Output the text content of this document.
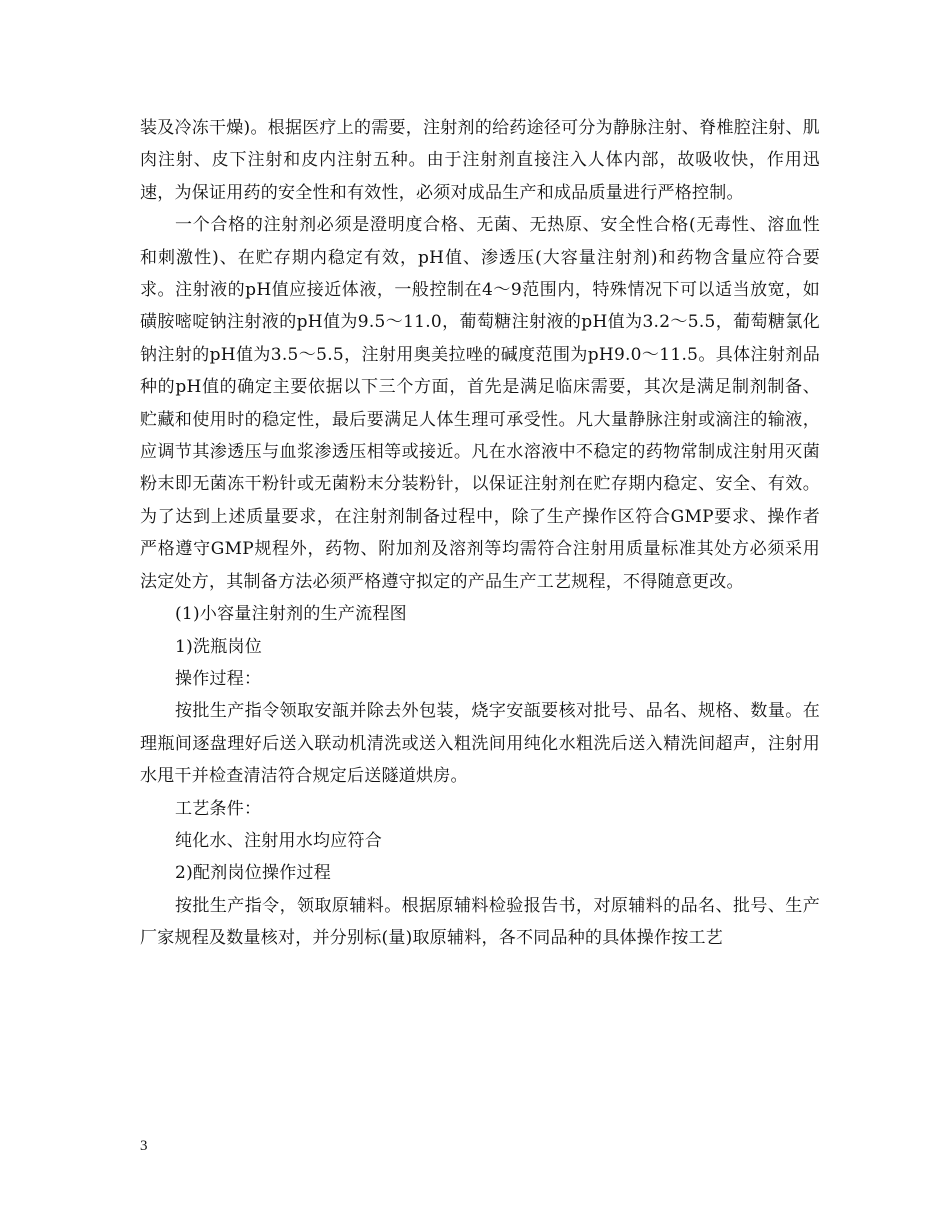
装及冷冻干燥)。根据医疗上的需要，注射剂的给药途径可分为静脉注射、脊椎腔注射、肌肉注射、皮下注射和皮内注射五种。由于注射剂直接注入人体内部，故吸收快，作用迅速，为保证用药的安全性和有效性，必须对成品生产和成品质量进行严格控制。

一个合格的注射剂必须是澄明度合格、无菌、无热原、安全性合格(无毒性、溶血性和刺激性)、在贮存期内稳定有效，pH值、渗透压(大容量注射剂)和药物含量应符合要求。注射液的pH值应接近体液，一般控制在4～9范围内，特殊情况下可以适当放宽，如磺胺嘧啶钠注射液的pH值为9.5～11.0，葡萄糖注射液的pH值为3.2～5.5，葡萄糖氯化钠注射的pH值为3.5～5.5，注射用奥美拉唑的碱度范围为pH9.0～11.5。具体注射剂品种的pH值的确定主要依据以下三个方面，首先是满足临床需要，其次是满足制剂制备、贮藏和使用时的稳定性，最后要满足人体生理可承受性。凡大量静脉注射或滴注的输液，应调节其渗透压与血浆渗透压相等或接近。凡在水溶液中不稳定的药物常制成注射用灭菌粉末即无菌冻干粉针或无菌粉末分装粉针，以保证注射剂在贮存期内稳定、安全、有效。为了达到上述质量要求，在注射剂制备过程中，除了生产操作区符合GMP要求、操作者严格遵守GMP规程外，药物、附加剂及溶剂等均需符合注射用质量标准其处方必须采用法定处方，其制备方法必须严格遵守拟定的产品生产工艺规程，不得随意更改。

(1)小容量注射剂的生产流程图

1)洗瓶岗位

操作过程：

按批生产指令领取安瓿并除去外包装，烧字安瓿要核对批号、品名、规格、数量。在理瓶间逐盘理好后送入联动机清洗或送入粗洗间用纯化水粗洗后送入精洗间超声，注射用水甩干并检查清洁符合规定后送隧道烘房。

工艺条件：

纯化水、注射用水均应符合

2)配剂岗位操作过程

按批生产指令，领取原辅料。根据原辅料检验报告书，对原辅料的品名、批号、生产厂家规程及数量核对，并分别标(量)取原辅料，各不同品种的具体操作按工艺

3
